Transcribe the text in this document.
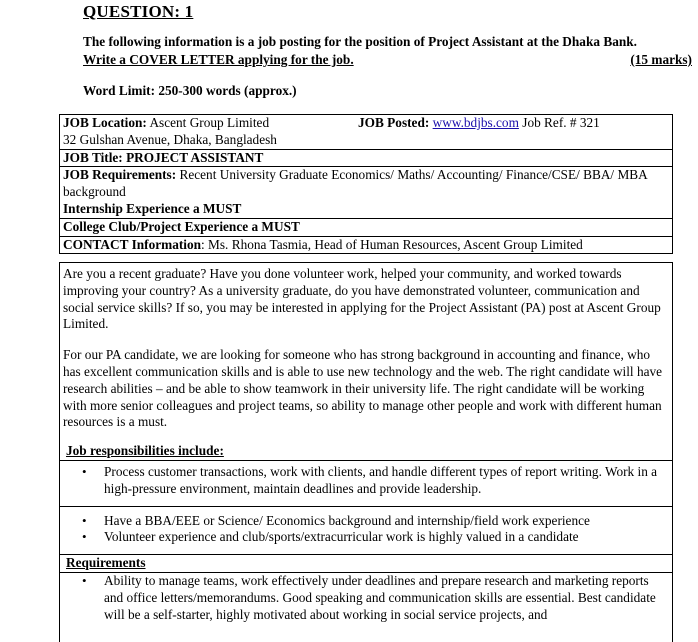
QUESTION: 1
The following information is a job posting for the position of Project Assistant at the Dhaka Bank.
Write a COVER LETTER applying for the job.	(15 marks)
Word Limit: 250-300 words (approx.)
JOB Location: Ascent Group Limited	JOB Posted: www.bdjbs.com Job Ref. # 321
32 Gulshan Avenue, Dhaka, Bangladesh
JOB Title: PROJECT ASSISTANT
JOB Requirements: Recent University Graduate Economics/ Maths/ Accounting/ Finance/CSE/ BBA/ MBA background
Internship Experience a MUST
College Club/Project Experience a MUST
CONTACT Information: Ms. Rhona Tasmia, Head of Human Resources, Ascent Group Limited

Are you a recent graduate? Have you done volunteer work, helped your community, and worked towards improving your country? As a university graduate, do you have demonstrated volunteer, communication and social service skills? If so, you may be interested in applying for the Project Assistant (PA) post at Ascent Group Limited.

For our PA candidate, we are looking for someone who has strong background in accounting and finance, who has excellent communication skills and is able to use new technology and the web. The right candidate will have research abilities – and be able to show teamwork in their university life. The right candidate will be working with more senior colleagues and project teams, so ability to manage other people and work with different human resources is a must.

Job responsibilities include:
• Process customer transactions, work with clients, and handle different types of report writing. Work in a high-pressure environment, maintain deadlines and provide leadership.
• Have a BBA/EEE or Science/ Economics background and internship/field work experience
• Volunteer experience and club/sports/extracurricular work is highly valued in a candidate
Requirements
• Ability to manage teams, work effectively under deadlines and prepare research and marketing reports and office letters/memorandums. Good speaking and communication skills are essential. Best candidate will be a self-starter, highly motivated about working in social service projects, and
